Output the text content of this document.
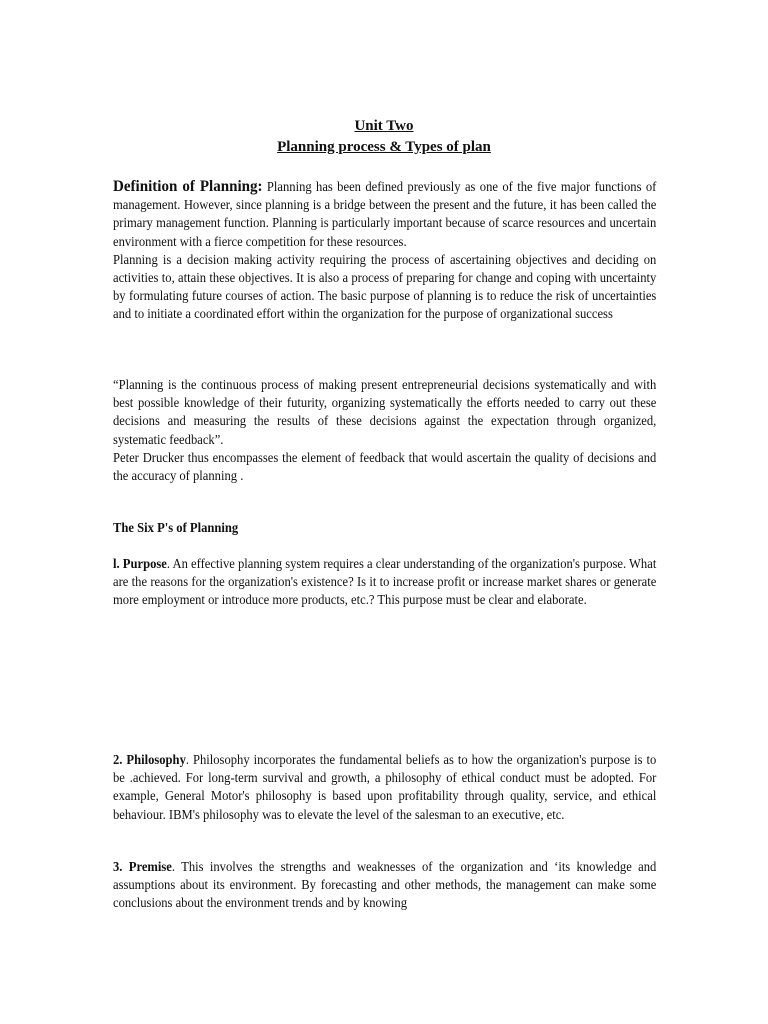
Unit Two
Planning process & Types of plan

Definition of Planning: Planning has been defined previously as one of the five major functions of management. However, since planning is a bridge between the present and the future, it has been called the primary management function. Planning is particularly important because of scarce resources and uncertain environment with a fierce competition for these resources.

Planning is a decision making activity requiring the process of ascertaining objectives and deciding on activities to, attain these objectives. It is also a process of preparing for change and coping with uncertainty by formulating future courses of action. The basic purpose of planning is to reduce the risk of uncertainties and to initiate a coordinated effort within the organization for the purpose of organizational success

“Planning is the continuous process of making present entrepreneurial decisions systematically and with best possible knowledge of their futurity, organizing systematically the efforts needed to carry out these decisions and measuring the results of these decisions against the expectation through organized, systematic feedback”.

Peter Drucker thus encompasses the element of feedback that would ascertain the quality of decisions and the accuracy of planning .

The Six P's of Planning

l. Purpose. An effective planning system requires a clear understanding of the organization's purpose. What are the reasons for the organization's existence? Is it to increase profit or increase market shares or generate more employment or introduce more products, etc.? This purpose must be clear and elaborate.

2. Philosophy. Philosophy incorporates the fundamental beliefs as to how the organization's purpose is to be .achieved. For long-term survival and growth, a philosophy of ethical conduct must be adopted. For example, General Motor's philosophy is based upon profitability through quality, service, and ethical behaviour. IBM's philosophy was to elevate the level of the salesman to an executive, etc.

3. Premise. This involves the strengths and weaknesses of the organization and ‘its knowledge and assumptions about its environment. By forecasting and other methods, the management can make some conclusions about the environment trends and by knowing
